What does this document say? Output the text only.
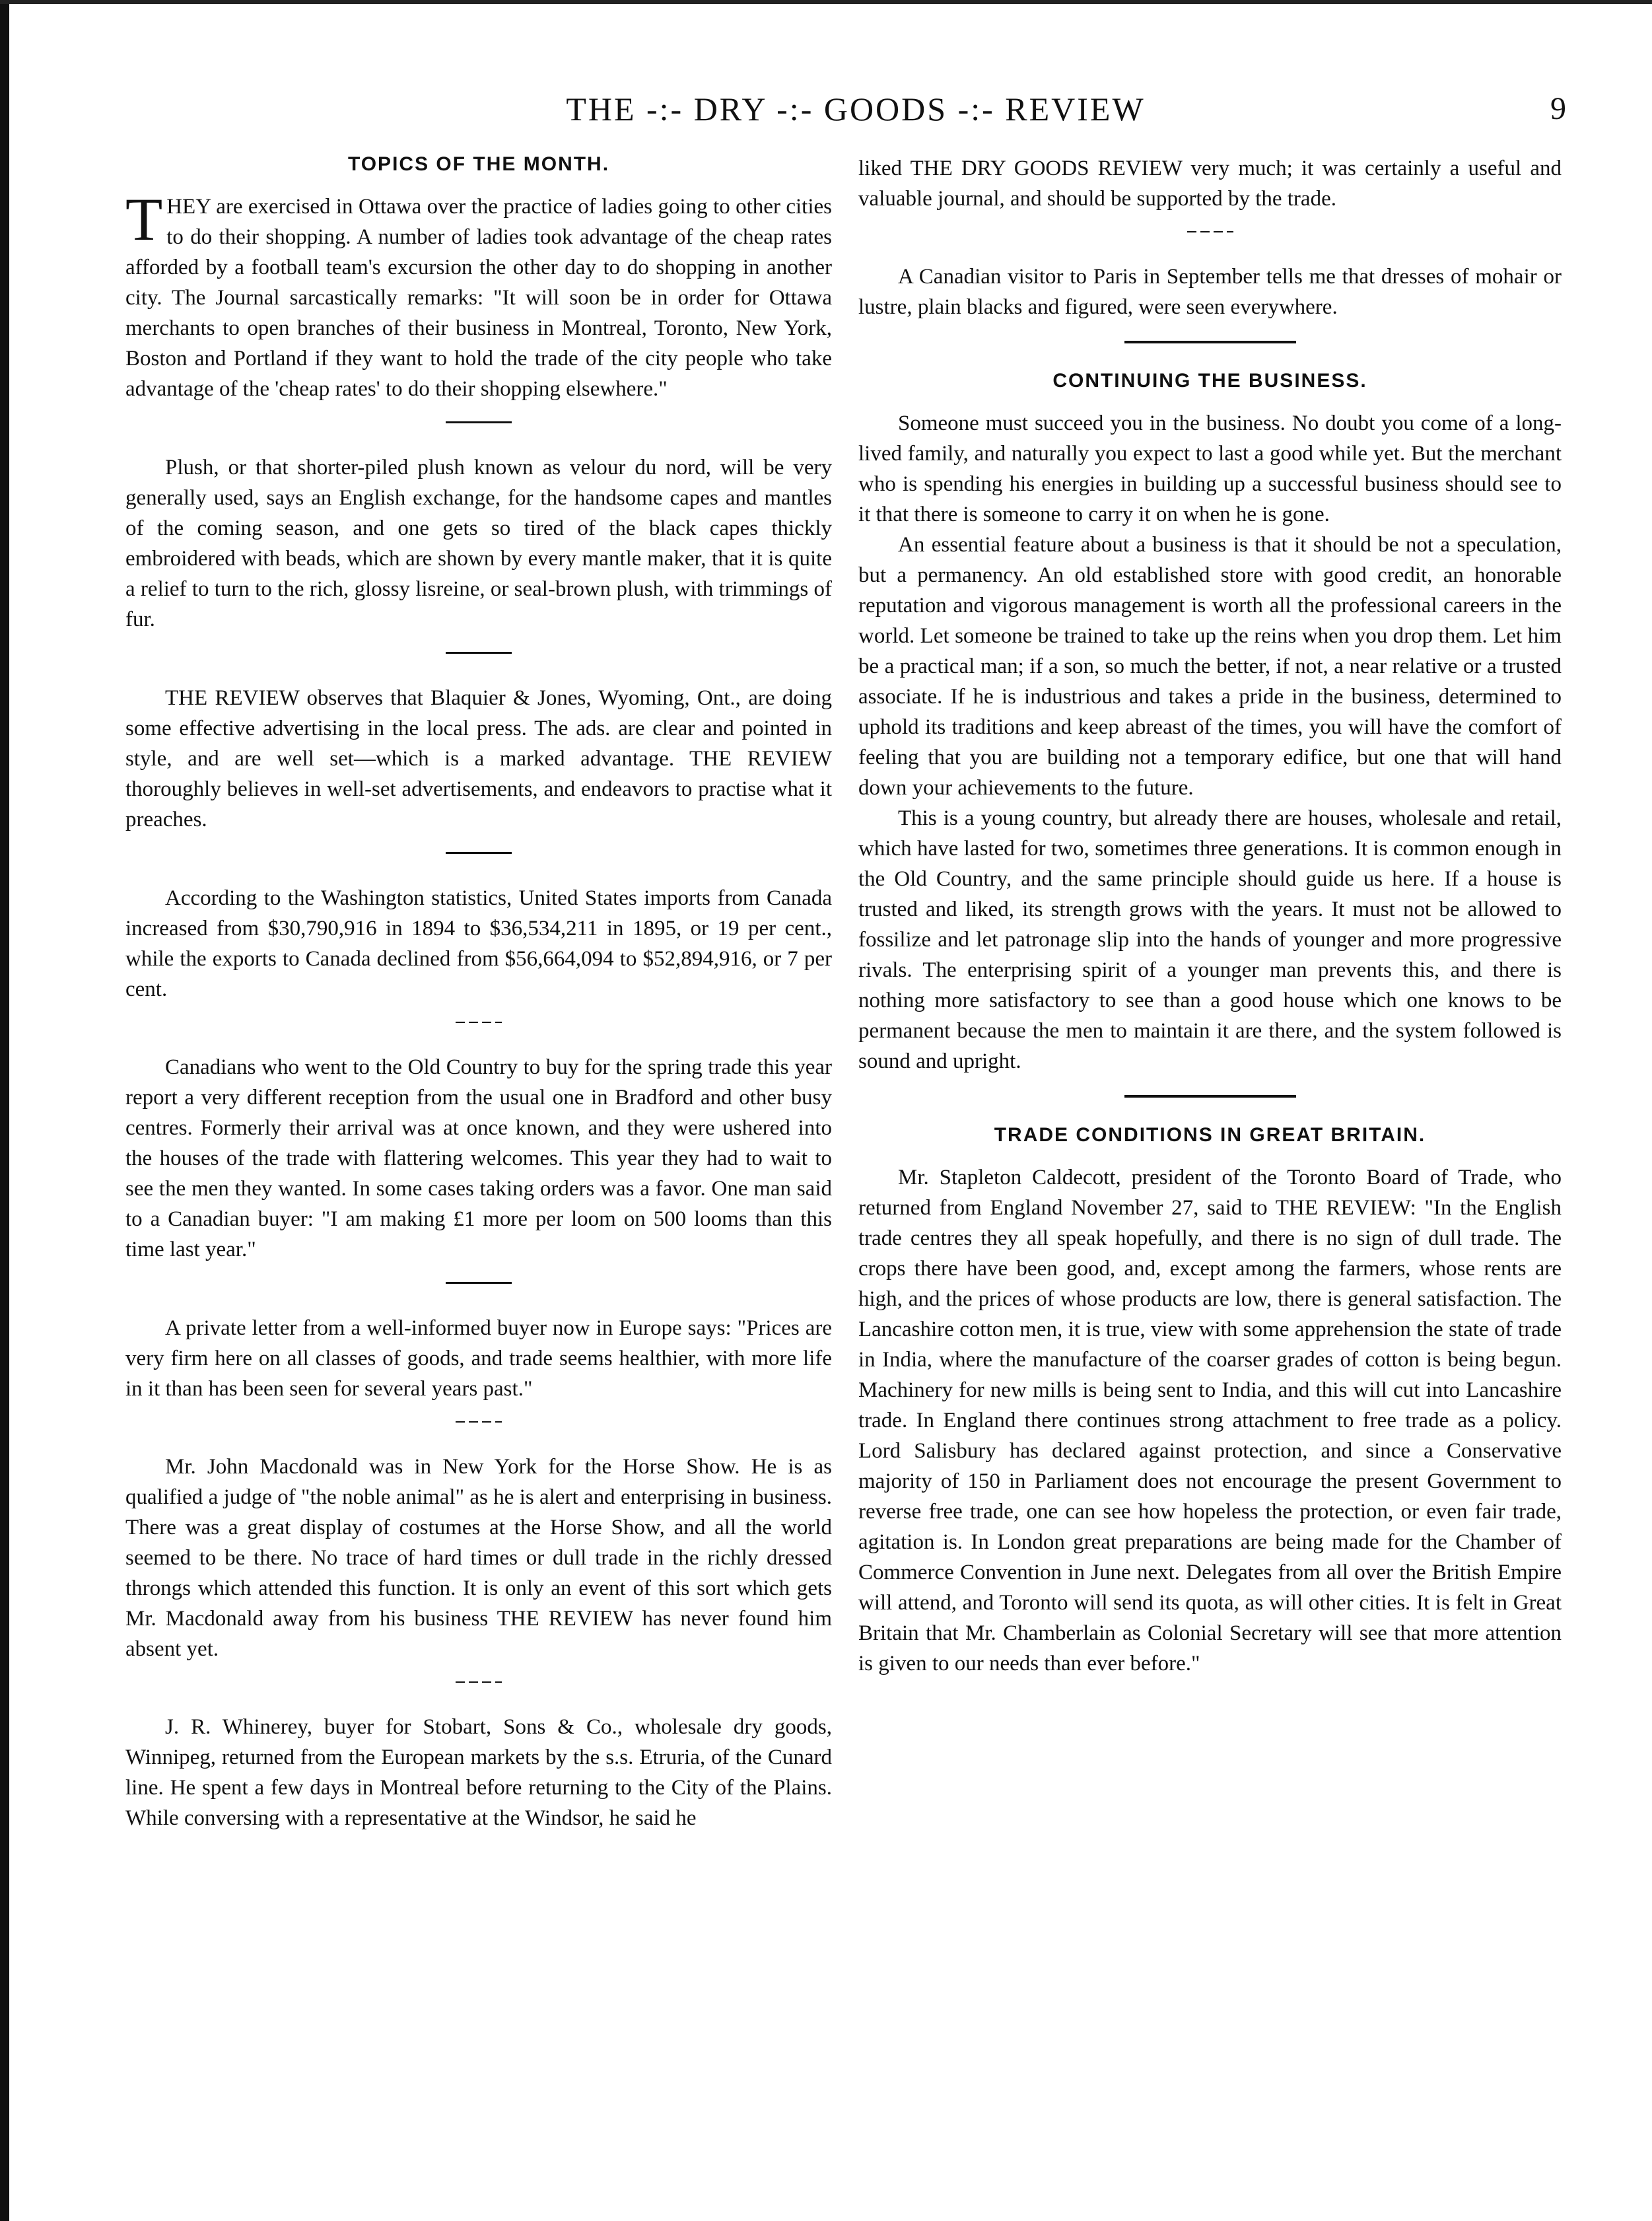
THE -:- DRY -:- GOODS -:- REVIEW	9
TOPICS OF THE MONTH.

THEY are exercised in Ottawa over the practice of ladies going to other cities to do their shopping. A number of ladies took advantage of the cheap rates afforded by a football team's excursion the other day to do shopping in another city. The Journal sarcastically remarks: "It will soon be in order for Ottawa merchants to open branches of their business in Montreal, Toronto, New York, Boston and Portland if they want to hold the trade of the city people who take advantage of the 'cheap rates' to do their shopping elsewhere."

Plush, or that shorter-piled plush known as velour du nord, will be very generally used, says an English exchange, for the handsome capes and mantles of the coming season, and one gets so tired of the black capes thickly embroidered with beads, which are shown by every mantle maker, that it is quite a relief to turn to the rich, glossy lisreine, or seal-brown plush, with trimmings of fur.

THE REVIEW observes that Blaquier & Jones, Wyoming, Ont., are doing some effective advertising in the local press. The ads. are clear and pointed in style, and are well set—which is a marked advantage. THE REVIEW thoroughly believes in well-set advertisements, and endeavors to practise what it preaches.

According to the Washington statistics, United States imports from Canada increased from $30,790,916 in 1894 to $36,534,211 in 1895, or 19 per cent., while the exports to Canada declined from $56,664,094 to $52,894,916, or 7 per cent.

Canadians who went to the Old Country to buy for the spring trade this year report a very different reception from the usual one in Bradford and other busy centres. Formerly their arrival was at once known, and they were ushered into the houses of the trade with flattering welcomes. This year they had to wait to see the men they wanted. In some cases taking orders was a favor. One man said to a Canadian buyer: "I am making £1 more per loom on 500 looms than this time last year."

A private letter from a well-informed buyer now in Europe says: "Prices are very firm here on all classes of goods, and trade seems healthier, with more life in it than has been seen for several years past."

Mr. John Macdonald was in New York for the Horse Show. He is as qualified a judge of "the noble animal" as he is alert and enterprising in business. There was a great display of costumes at the Horse Show, and all the world seemed to be there. No trace of hard times or dull trade in the richly dressed throngs which attended this function. It is only an event of this sort which gets Mr. Macdonald away from his business THE REVIEW has never found him absent yet.

J. R. Whinerey, buyer for Stobart, Sons & Co., wholesale dry goods, Winnipeg, returned from the European markets by the s.s. Etruria, of the Cunard line. He spent a few days in Montreal before returning to the City of the Plains. While conversing with a representative at the Windsor, he said he

liked THE DRY GOODS REVIEW very much; it was certainly a useful and valuable journal, and should be supported by the trade.

A Canadian visitor to Paris in September tells me that dresses of mohair or lustre, plain blacks and figured, were seen everywhere.

CONTINUING THE BUSINESS.

Someone must succeed you in the business. No doubt you come of a long-lived family, and naturally you expect to last a good while yet. But the merchant who is spending his energies in building up a successful business should see to it that there is someone to carry it on when he is gone.

An essential feature about a business is that it should be not a speculation, but a permanency. An old established store with good credit, an honorable reputation and vigorous management is worth all the professional careers in the world. Let someone be trained to take up the reins when you drop them. Let him be a practical man; if a son, so much the better, if not, a near relative or a trusted associate. If he is industrious and takes a pride in the business, determined to uphold its traditions and keep abreast of the times, you will have the comfort of feeling that you are building not a temporary edifice, but one that will hand down your achievements to the future.

This is a young country, but already there are houses, wholesale and retail, which have lasted for two, sometimes three generations. It is common enough in the Old Country, and the same principle should guide us here. If a house is trusted and liked, its strength grows with the years. It must not be allowed to fossilize and let patronage slip into the hands of younger and more progressive rivals. The enterprising spirit of a younger man prevents this, and there is nothing more satisfactory to see than a good house which one knows to be permanent because the men to maintain it are there, and the system followed is sound and upright.

TRADE CONDITIONS IN GREAT BRITAIN.

Mr. Stapleton Caldecott, president of the Toronto Board of Trade, who returned from England November 27, said to THE REVIEW: "In the English trade centres they all speak hopefully, and there is no sign of dull trade. The crops there have been good, and, except among the farmers, whose rents are high, and the prices of whose products are low, there is general satisfaction. The Lancashire cotton men, it is true, view with some apprehension the state of trade in India, where the manufacture of the coarser grades of cotton is being begun. Machinery for new mills is being sent to India, and this will cut into Lancashire trade. In England there continues strong attachment to free trade as a policy. Lord Salisbury has declared against protection, and since a Conservative majority of 150 in Parliament does not encourage the present Government to reverse free trade, one can see how hopeless the protection, or even fair trade, agitation is. In London great preparations are being made for the Chamber of Commerce Convention in June next. Delegates from all over the British Empire will attend, and Toronto will send its quota, as will other cities. It is felt in Great Britain that Mr. Chamberlain as Colonial Secretary will see that more attention is given to our needs than ever before."
